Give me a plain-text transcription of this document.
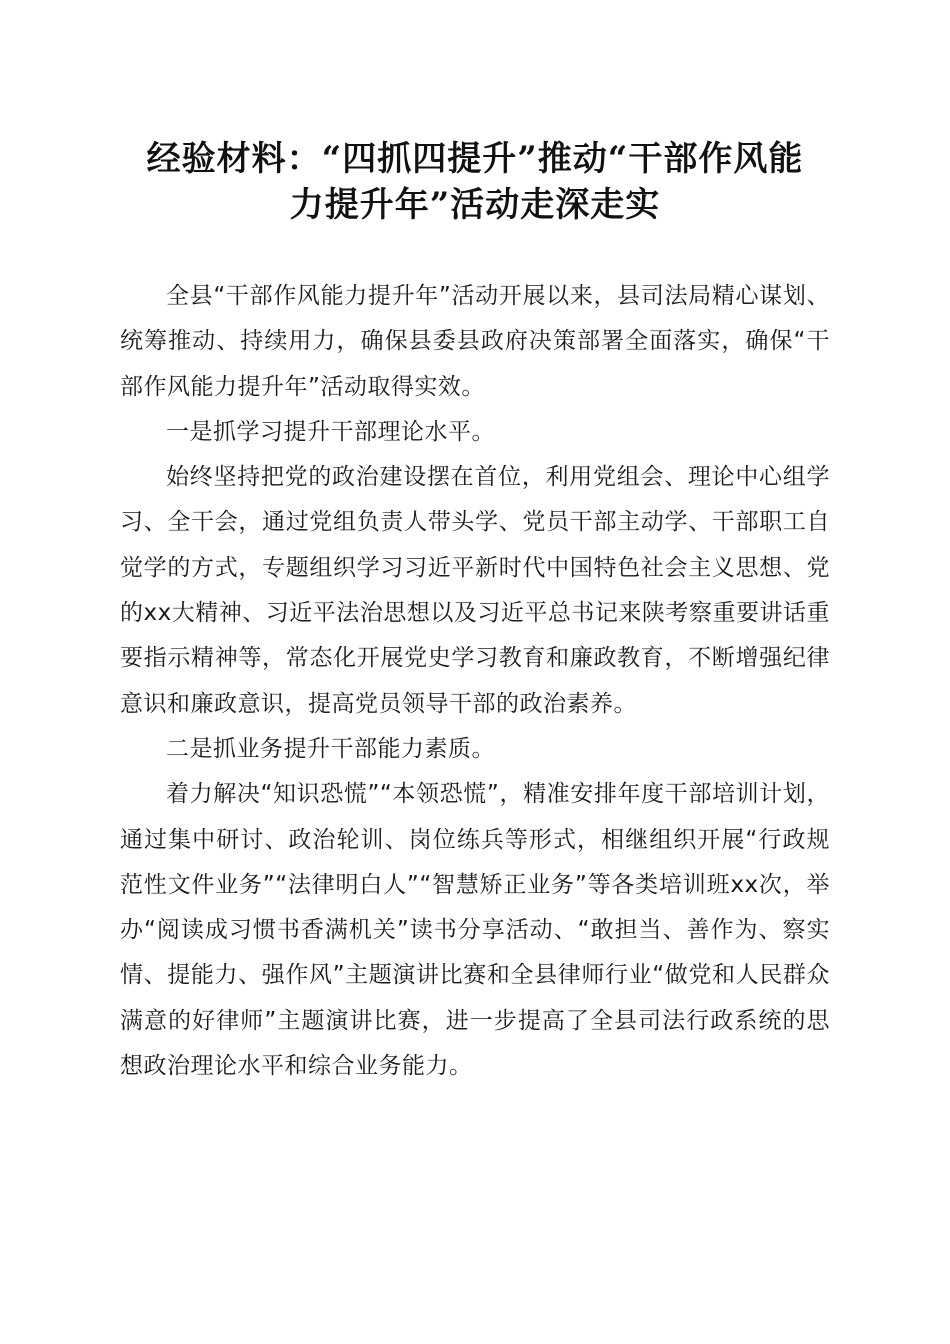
经验材料：“四抓四提升”推动“干部作风能
力提升年”活动走深走实

全县“干部作风能力提升年”活动开展以来，县司法局精心谋划、统筹推动、持续用力，确保县委县政府决策部署全面落实，确保“干部作风能力提升年”活动取得实效。

一是抓学习提升干部理论水平。

始终坚持把党的政治建设摆在首位，利用党组会、理论中心组学习、全干会，通过党组负责人带头学、党员干部主动学、干部职工自觉学的方式，专题组织学习习近平新时代中国特色社会主义思想、党的xx大精神、习近平法治思想以及习近平总书记来陕考察重要讲话重要指示精神等，常态化开展党史学习教育和廉政教育，不断增强纪律意识和廉政意识，提高党员领导干部的政治素养。

二是抓业务提升干部能力素质。

着力解决“知识恐慌”“本领恐慌”，精准安排年度干部培训计划，通过集中研讨、政治轮训、岗位练兵等形式，相继组织开展“行政规范性文件业务”“法律明白人”“智慧矫正业务”等各类培训班xx次，举办“阅读成习惯书香满机关”读书分享活动、“敢担当、善作为、察实情、提能力、强作风”主题演讲比赛和全县律师行业“做党和人民群众满意的好律师”主题演讲比赛，进一步提高了全县司法行政系统的思想政治理论水平和综合业务能力。
